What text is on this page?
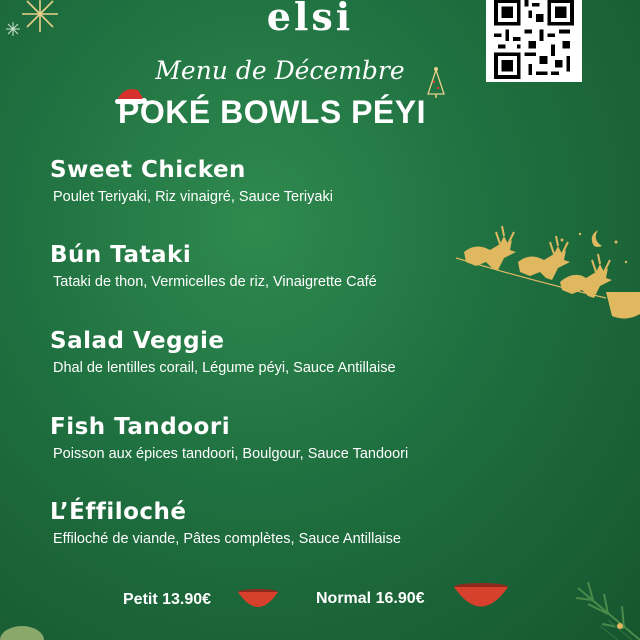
elsi
Menu de Décembre
POKÉ BOWLS PÉYI
Sweet Chicken
Poulet Teriyaki, Riz vinaigré, Sauce Teriyaki
Bún Tataki
Tataki de thon, Vermicelles de riz, Vinaigrette Café
Salad Veggie
Dhal de lentilles corail, Légume péyi, Sauce Antillaise
Fish Tandoori
Poisson aux épices tandoori, Boulgour, Sauce Tandoori
L’Éffiloché
Effiloché de viande, Pâtes complètes, Sauce Antillaise
Petit 13.90€	Normal 16.90€
